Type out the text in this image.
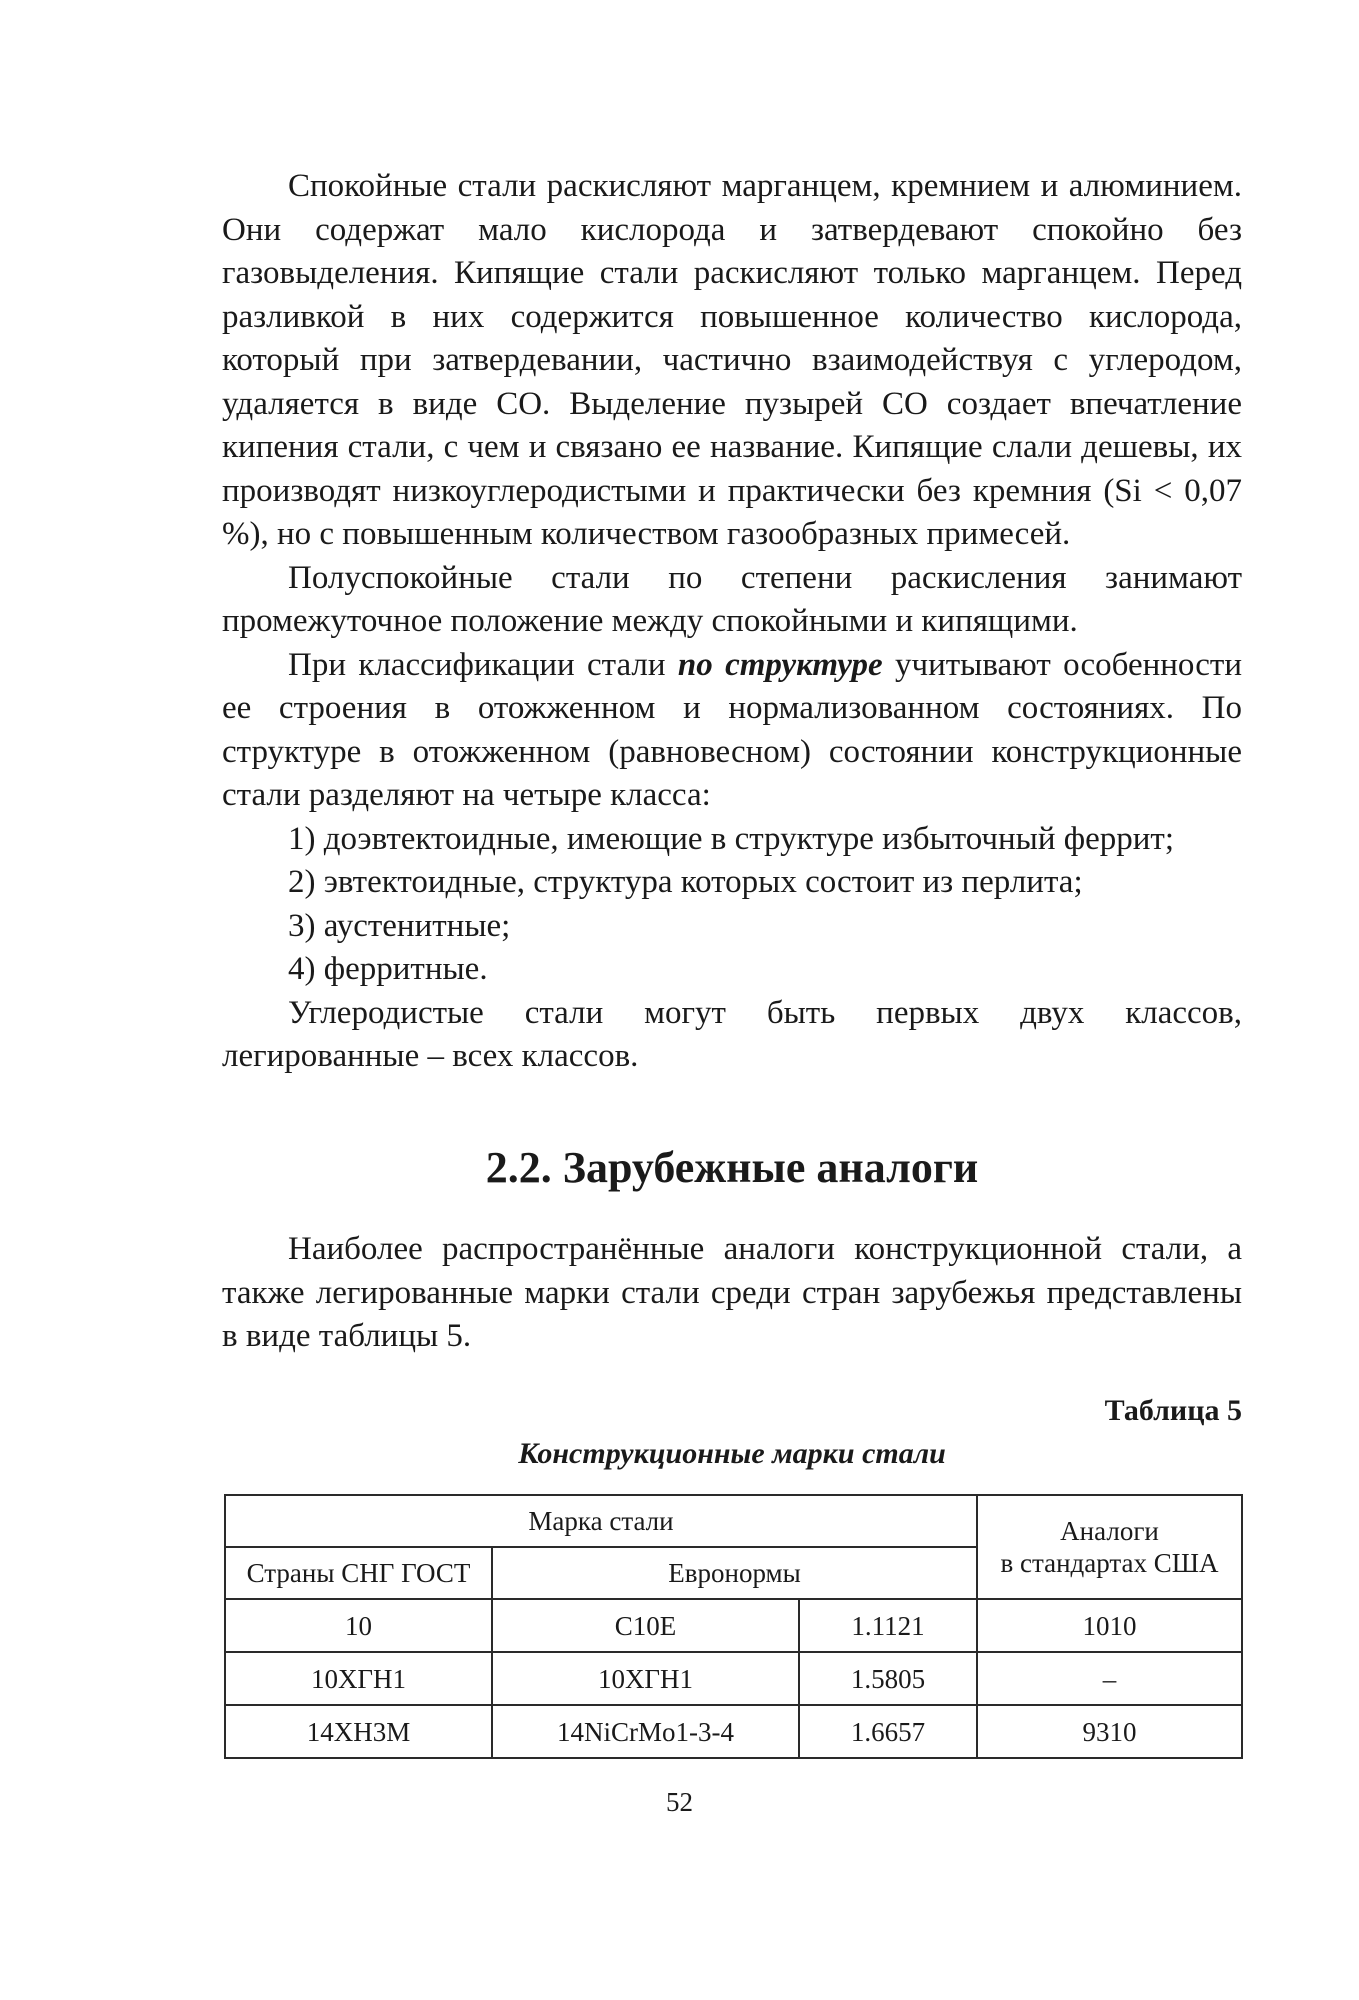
Спокойные стали раскисляют марганцем, кремнием и алюминием. Они содержат мало кислорода и затвердевают спокойно без газовыделения. Кипящие стали раскисляют только марганцем. Перед разливкой в них содержится повышенное количество кислорода, который при затвердевании, частично взаимодействуя с углеродом, удаляется в виде СО. Выделение пузырей СО создает впечатление кипения стали, с чем и связано ее название. Кипящие слали дешевы, их производят низкоуглеродистыми и практически без кремния (Si < 0,07 %), но с повышенным количеством газообразных примесей.

Полуспокойные стали по степени раскисления занимают промежуточное положение между спокойными и кипящими.

При классификации стали по структуре учитывают особенности ее строения в отожженном и нормализованном состояниях. По структуре в отожженном (равновесном) состоянии конструкционные стали разделяют на четыре класса:

1) доэвтектоидные, имеющие в структуре избыточный феррит;

2) эвтектоидные, структура которых состоит из перлита;

3) аустенитные;

4) ферритные.

Углеродистые стали могут быть первых двух классов, легированные – всех классов.

2.2. Зарубежные аналоги

Наиболее распространённые аналоги конструкционной стали, а также легированные марки стали среди стран зарубежья представлены в виде таблицы 5.

Таблица 5

Конструкционные марки стали

Марка стали			Аналоги
в стандартах США

Страны СНГ ГОСТ	Евронормы		
10	C10E	1.1121	1010
10ХГН1	10ХГН1	1.5805	–
14ХН3М	14NiCrMo1-3-4	1.6657	9310

52
